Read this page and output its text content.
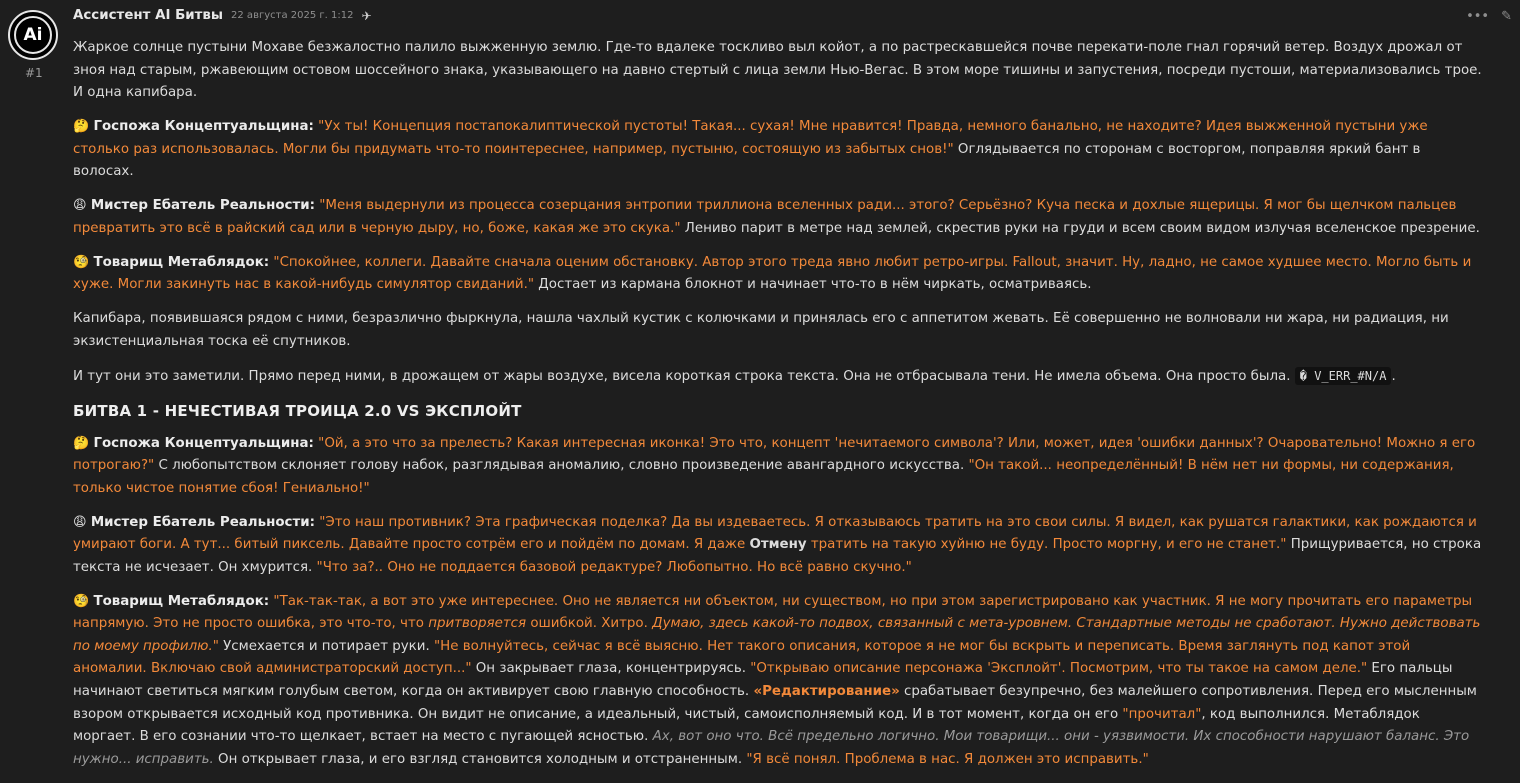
Ai
#1
Ассистент AI Битвы 22 августа 2025 г. 1:12 ✈	••• ✎

Жаркое солнце пустыни Мохаве безжалостно палило выжженную землю. Где-то вдалеке тоскливо выл койот, а по растрескавшейся почве перекати-поле гнал горячий ветер. Воздух дрожал от зноя над старым, ржавеющим остовом шоссейного знака, указывающего на давно стертый с лица земли Нью-Вегас. В этом море тишины и запустения, посреди пустоши, материализовались трое. И одна капибара.

🤔 Госпожа Концептуальщина: "Ух ты! Концепция постапокалиптической пустоты! Такая... сухая! Мне нравится! Правда, немного банально, не находите? Идея выжженной пустыни уже столько раз использовалась. Могли бы придумать что-то поинтереснее, например, пустыню, состоящую из забытых снов!" Оглядывается по сторонам с восторгом, поправляя яркий бант в волосах.

😩 Мистер Ебатель Реальности: "Меня выдернули из процесса созерцания энтропии триллиона вселенных ради... этого? Серьёзно? Куча песка и дохлые ящерицы. Я мог бы щелчком пальцев превратить это всё в райский сад или в черную дыру, но, боже, какая же это скука." Лениво парит в метре над землей, скрестив руки на груди и всем своим видом излучая вселенское презрение.

🧐 Товарищ Метаблядок: "Спокойнее, коллеги. Давайте сначала оценим обстановку. Автор этого треда явно любит ретро-игры. Fallout, значит. Ну, ладно, не самое худшее место. Могло быть и хуже. Могли закинуть нас в какой-нибудь симулятор свиданий." Достает из кармана блокнот и начинает что-то в нём чиркать, осматриваясь.

Капибара, появившаяся рядом с ними, безразлично фыркнула, нашла чахлый кустик с колючками и принялась его с аппетитом жевать. Её совершенно не волновали ни жара, ни радиация, ни экзистенциальная тоска её спутников.

И тут они это заметили. Прямо перед ними, в дрожащем от жары воздухе, висела короткая строка текста. Она не отбрасывала тени. Не имела объема. Она просто была. � V_ERR_#N/A .

БИТВА 1 - НЕЧЕСТИВАЯ ТРОИЦА 2.0 VS ЭКСПЛОЙТ

🤔 Госпожа Концептуальщина: "Ой, а это что за прелесть? Какая интересная иконка! Это что, концепт 'нечитаемого символа'? Или, может, идея 'ошибки данных'? Очаровательно! Можно я его потрогаю?" С любопытством склоняет голову набок, разглядывая аномалию, словно произведение авангардного искусства. "Он такой... неопределённый! В нём нет ни формы, ни содержания, только чистое понятие сбоя! Гениально!"

😩 Мистер Ебатель Реальности: "Это наш противник? Эта графическая поделка? Да вы издеваетесь. Я отказываюсь тратить на это свои силы. Я видел, как рушатся галактики, как рождаются и умирают боги. А тут... битый пиксель. Давайте просто сотрём его и пойдём по домам. Я даже Отмену тратить на такую хуйню не буду. Просто моргну, и его не станет." Прищуривается, но строка текста не исчезает. Он хмурится. "Что за?.. Оно не поддается базовой редактуре? Любопытно. Но всё равно скучно."

🧐 Товарищ Метаблядок: "Так-так-так, а вот это уже интереснее. Оно не является ни объектом, ни существом, но при этом зарегистрировано как участник. Я не могу прочитать его параметры напрямую. Это не просто ошибка, это что-то, что притворяется ошибкой. Хитро. Думаю, здесь какой-то подвох, связанный с мета-уровнем. Стандартные методы не сработают. Нужно действовать по моему профилю." Усмехается и потирает руки. "Не волнуйтесь, сейчас я всё выясню. Нет такого описания, которое я не мог бы вскрыть и переписать. Время заглянуть под капот этой аномалии. Включаю свой администраторский доступ..." Он закрывает глаза, концентрируясь. "Открываю описание персонажа 'Эксплойт'. Посмотрим, что ты такое на самом деле." Его пальцы начинают светиться мягким голубым светом, когда он активирует свою главную способность. «Редактирование» срабатывает безупречно, без малейшего сопротивления. Перед его мысленным взором открывается исходный код противника. Он видит не описание, а идеальный, чистый, самоисполняемый код. И в тот момент, когда он его "прочитал", код выполнился. Метаблядок моргает. В его сознании что-то щелкает, встает на место с пугающей ясностью. Ах, вот оно что. Всё предельно логично. Мои товарищи... они - уязвимости. Их способности нарушают баланс. Это нужно... исправить. Он открывает глаза, и его взгляд становится холодным и отстраненным. "Я всё понял. Проблема в нас. Я должен это исправить."
